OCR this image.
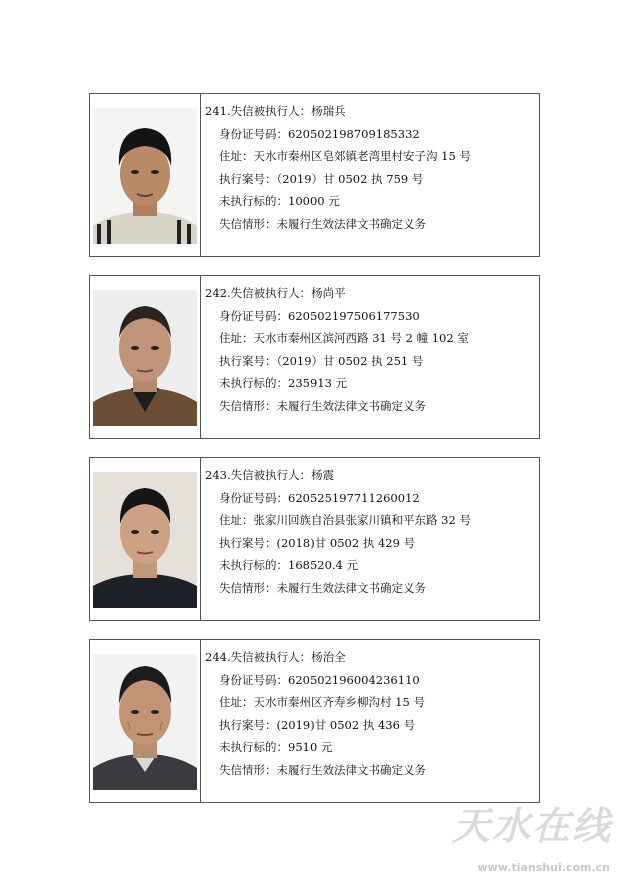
241.失信被执行人：杨瑞兵
身份证号码：620502198709185332
住址：天水市秦州区皂郊镇老湾里村安子沟 15 号
执行案号：（2019）甘 0502 执 759 号
未执行标的：10000 元
失信情形：未履行生效法律文书确定义务
242.失信被执行人：杨尚平
身份证号码：620502197506177530
住址：天水市秦州区滨河西路 31 号 2 幢 102 室
执行案号：（2019）甘 0502 执 251 号
未执行标的：235913 元
失信情形：未履行生效法律文书确定义务
243.失信被执行人：杨震
身份证号码：620525197711260012
住址：张家川回族自治县张家川镇和平东路 32 号
执行案号：(2018)甘 0502 执 429 号
未执行标的：168520.4 元
失信情形：未履行生效法律文书确定义务
244.失信被执行人：杨治全
身份证号码：620502196004236110
住址：天水市秦州区齐寿乡柳沟村 15 号
执行案号：(2019)甘 0502 执 436 号
未执行标的：9510 元
失信情形：未履行生效法律文书确定义务
天水在线
www.tianshui.com.cn
